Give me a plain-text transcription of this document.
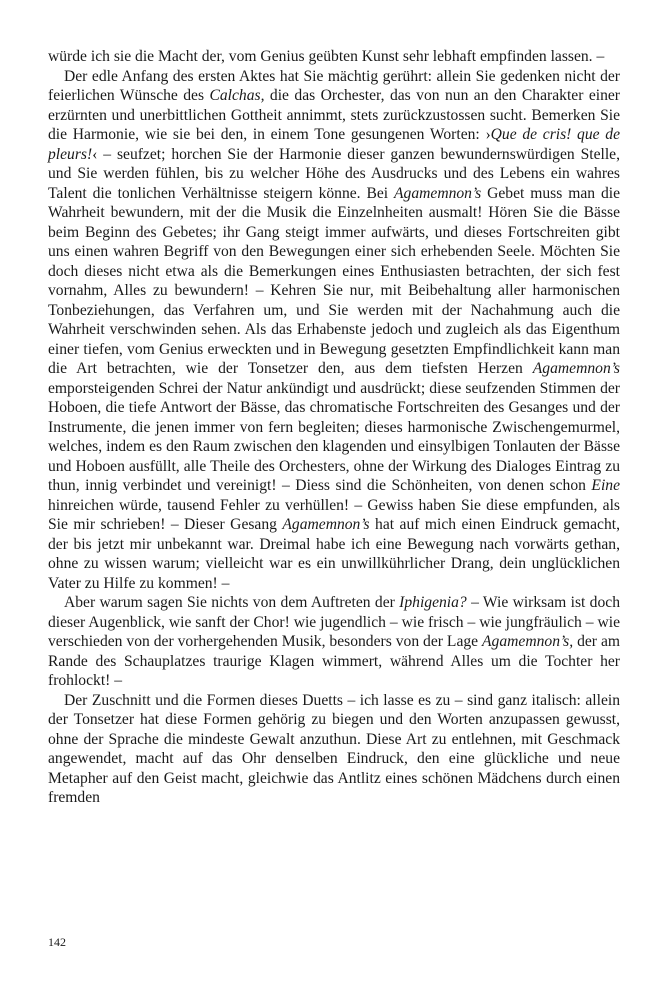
würde ich sie die Macht der, vom Genius geübten Kunst sehr lebhaft empfinden lassen. –

Der edle Anfang des ersten Aktes hat Sie mächtig gerührt: allein Sie gedenken nicht der feierlichen Wünsche des Calchas, die das Orchester, das von nun an den Charakter einer erzürnten und unerbittlichen Gottheit annimmt, stets zurückzustossen sucht. Bemerken Sie die Harmonie, wie sie bei den, in einem Tone gesungenen Worten: ›Que de cris! que de pleurs!‹ – seufzet; horchen Sie der Harmonie dieser ganzen bewundernswürdigen Stelle, und Sie werden fühlen, bis zu welcher Höhe des Ausdrucks und des Lebens ein wahres Talent die tonlichen Verhältnisse steigern könne. Bei Agamemnon’s Gebet muss man die Wahrheit bewundern, mit der die Musik die Einzelnheiten ausmalt! Hören Sie die Bässe beim Beginn des Gebetes; ihr Gang steigt immer aufwärts, und dieses Fortschreiten gibt uns einen wahren Begriff von den Bewegungen einer sich erhebenden Seele. Möchten Sie doch dieses nicht etwa als die Bemerkungen eines Enthusiasten betrachten, der sich fest vornahm, Alles zu bewundern! – Kehren Sie nur, mit Beibehaltung aller harmonischen Tonbeziehungen, das Verfahren um, und Sie werden mit der Nachahmung auch die Wahrheit verschwinden sehen. Als das Erhabenste jedoch und zugleich als das Eigenthum einer tiefen, vom Genius erweckten und in Bewegung gesetzten Empfindlichkeit kann man die Art betrachten, wie der Tonsetzer den, aus dem tiefsten Herzen Agamemnon’s emporsteigenden Schrei der Natur ankündigt und ausdrückt; diese seufzenden Stimmen der Hoboen, die tiefe Antwort der Bässe, das chromatische Fortschreiten des Gesanges und der Instrumente, die jenen immer von fern begleiten; dieses harmonische Zwischengemurmel, welches, indem es den Raum zwischen den klagenden und einsylbigen Tonlauten der Bässe und Hoboen ausfüllt, alle Theile des Orchesters, ohne der Wirkung des Dialoges Eintrag zu thun, innig verbindet und vereinigt! – Diess sind die Schönheiten, von denen schon Eine hinreichen würde, tausend Fehler zu verhüllen! – Gewiss haben Sie diese empfunden, als Sie mir schrieben! – Dieser Gesang Agamemnon’s hat auf mich einen Eindruck gemacht, der bis jetzt mir unbekannt war. Dreimal habe ich eine Bewegung nach vorwärts gethan, ohne zu wissen warum; vielleicht war es ein unwillkührlicher Drang, dein unglücklichen Vater zu Hilfe zu kommen! –

Aber warum sagen Sie nichts von dem Auftreten der Iphigenia? – Wie wirksam ist doch dieser Augenblick, wie sanft der Chor! wie jugendlich – wie frisch – wie jungfräulich – wie verschieden von der vorhergehenden Musik, besonders von der Lage Agamemnon’s, der am Rande des Schauplatzes traurige Klagen wimmert, während Alles um die Tochter her frohlockt! –

Der Zuschnitt und die Formen dieses Duetts – ich lasse es zu – sind ganz italisch: allein der Tonsetzer hat diese Formen gehörig zu biegen und den Worten anzupassen gewusst, ohne der Sprache die mindeste Gewalt anzuthun. Diese Art zu entlehnen, mit Geschmack angewendet, macht auf das Ohr denselben Eindruck, den eine glückliche und neue Metapher auf den Geist macht, gleichwie das Antlitz eines schönen Mädchens durch einen fremden

142
